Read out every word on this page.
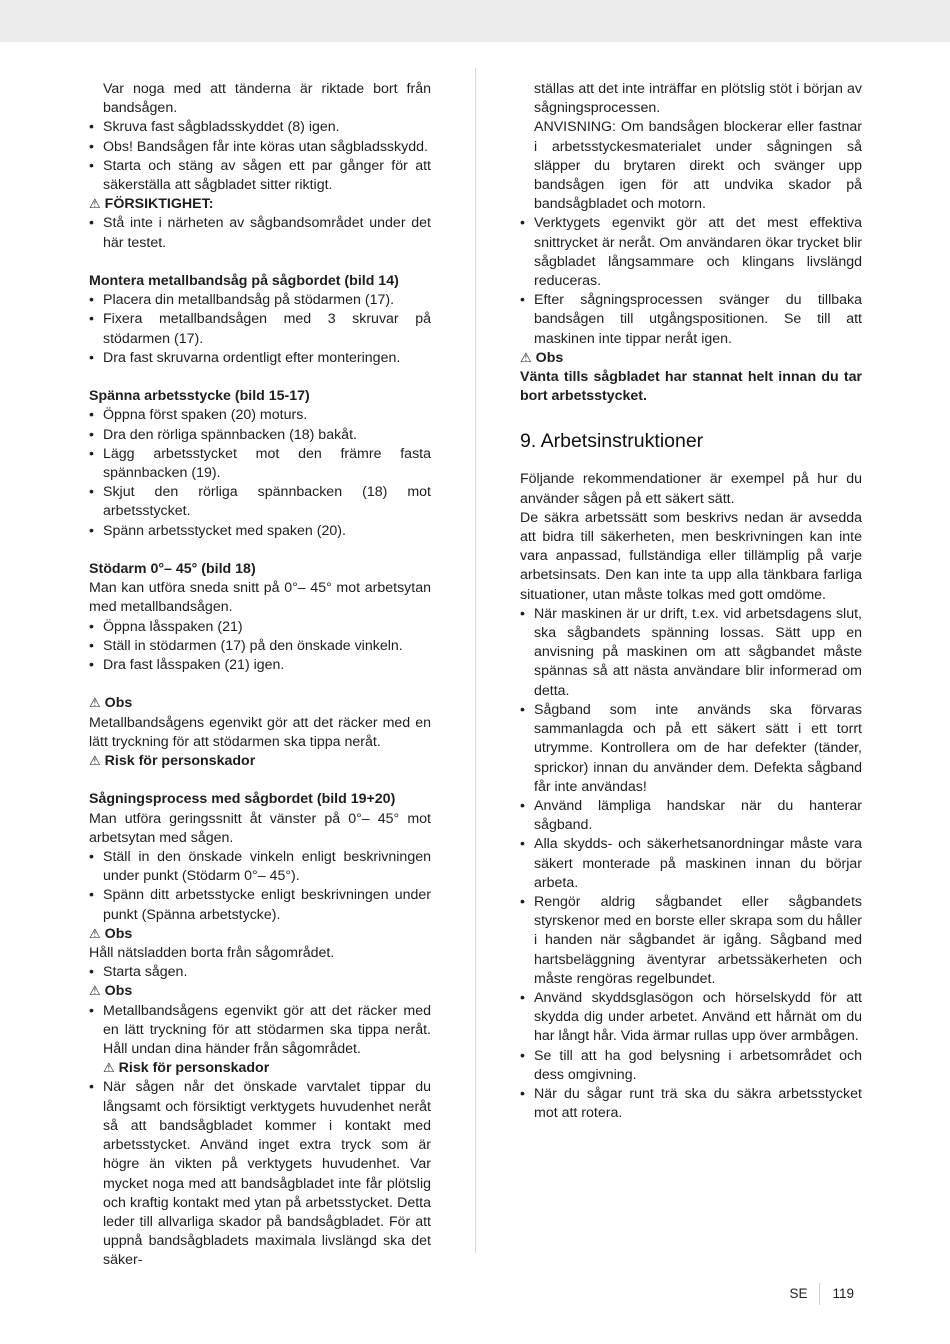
Var noga med att tänderna är riktade bort från bandsågen.

• Skruva fast sågbladsskyddet (8) igen.
• Obs! Bandsågen får inte köras utan sågbladsskydd.
• Starta och stäng av sågen ett par gånger för att säkerställa att sågbladet sitter riktigt.

⚠ FÖRSIKTIGHET:

• Stå inte i närheten av sågbandsområdet under det här testet.

Montera metallbandsåg på sågbordet (bild 14)

• Placera din metallbandsåg på stödarmen (17).
• Fixera metallbandsågen med 3 skruvar på stödarmen (17).
• Dra fast skruvarna ordentligt efter monteringen.

Spänna arbetsstycke (bild 15-17)

• Öppna först spaken (20) moturs.
• Dra den rörliga spännbacken (18) bakåt.
• Lägg arbetsstycket mot den främre fasta spännbacken (19).
• Skjut den rörliga spännbacken (18) mot arbetsstycket.
• Spänn arbetsstycket med spaken (20).

Stödarm 0°– 45° (bild 18)

Man kan utföra sneda snitt på 0°– 45° mot arbetsytan med metallbandsågen.

• Öppna låsspaken (21)
• Ställ in stödarmen (17) på den önskade vinkeln.
• Dra fast låsspaken (21) igen.

⚠ Obs

Metallbandsågens egenvikt gör att det räcker med en lätt tryckning för att stödarmen ska tippa neråt.

⚠ Risk för personskador

Sågningsprocess med sågbordet (bild 19+20)

Man utföra geringssnitt åt vänster på 0°– 45° mot arbetsytan med sågen.

• Ställ in den önskade vinkeln enligt beskrivningen under punkt (Stödarm 0°– 45°).
• Spänn ditt arbetsstycke enligt beskrivningen under punkt (Spänna arbetstycke).

⚠ Obs

Håll nätsladden borta från sågområdet.

• Starta sågen.

⚠ Obs

• Metallbandsågens egenvikt gör att det räcker med en lätt tryckning för att stödarmen ska tippa neråt. Håll undan dina händer från sågområdet.
⚠ Risk för personskador
• När sågen når det önskade varvtalet tippar du långsamt och försiktigt verktygets huvudenhet neråt så att bandsågbladet kommer i kontakt med arbetsstycket. Använd inget extra tryck som är högre än vikten på verktygets huvudenhet. Var mycket noga med att bandsågbladet inte får plötslig och kraftig kontakt med ytan på arbetsstycket. Detta leder till allvarliga skador på bandsågbladet. För att uppnå bandsågbladets maximala livslängd ska det säker-

ställas att det inte inträffar en plötslig stöt i början av sågningsprocessen.

ANVISNING: Om bandsågen blockerar eller fastnar i arbetsstyckesmaterialet under sågningen så släpper du brytaren direkt och svänger upp bandsågen igen för att undvika skador på bandsågbladet och motorn.

• Verktygets egenvikt gör att det mest effektiva snittrycket är neråt. Om användaren ökar trycket blir sågbladet långsammare och klingans livslängd reduceras.
• Efter sågningsprocessen svänger du tillbaka bandsågen till utgångspositionen. Se till att maskinen inte tippar neråt igen.

⚠ Obs

Vänta tills sågbladet har stannat helt innan du tar bort arbetsstycket.

9. Arbetsinstruktioner

Följande rekommendationer är exempel på hur du använder sågen på ett säkert sätt.

De säkra arbetssätt som beskrivs nedan är avsedda att bidra till säkerheten, men beskrivningen kan inte vara anpassad, fullständiga eller tillämplig på varje arbetsinsats. Den kan inte ta upp alla tänkbara farliga situationer, utan måste tolkas med gott omdöme.

• När maskinen är ur drift, t.ex. vid arbetsdagens slut, ska sågbandets spänning lossas. Sätt upp en anvisning på maskinen om att sågbandet måste spännas så att nästa användare blir informerad om detta.
• Sågband som inte används ska förvaras sammanlagda och på ett säkert sätt i ett torrt utrymme. Kontrollera om de har defekter (tänder, sprickor) innan du använder dem. Defekta sågband får inte användas!
• Använd lämpliga handskar när du hanterar sågband.
• Alla skydds- och säkerhetsanordningar måste vara säkert monterade på maskinen innan du börjar arbeta.
• Rengör aldrig sågbandet eller sågbandets styrskenor med en borste eller skrapa som du håller i handen när sågbandet är igång. Sågband med hartsbeläggning äventyrar arbetssäkerheten och måste rengöras regelbundet.
• Använd skyddsglasögon och hörselskydd för att skydda dig under arbetet. Använd ett hårnät om du har långt hår. Vida ärmar rullas upp över armbågen.
• Se till att ha god belysning i arbetsområdet och dess omgivning.
• När du sågar runt trä ska du säkra arbetsstycket mot att rotera.
SE 119
